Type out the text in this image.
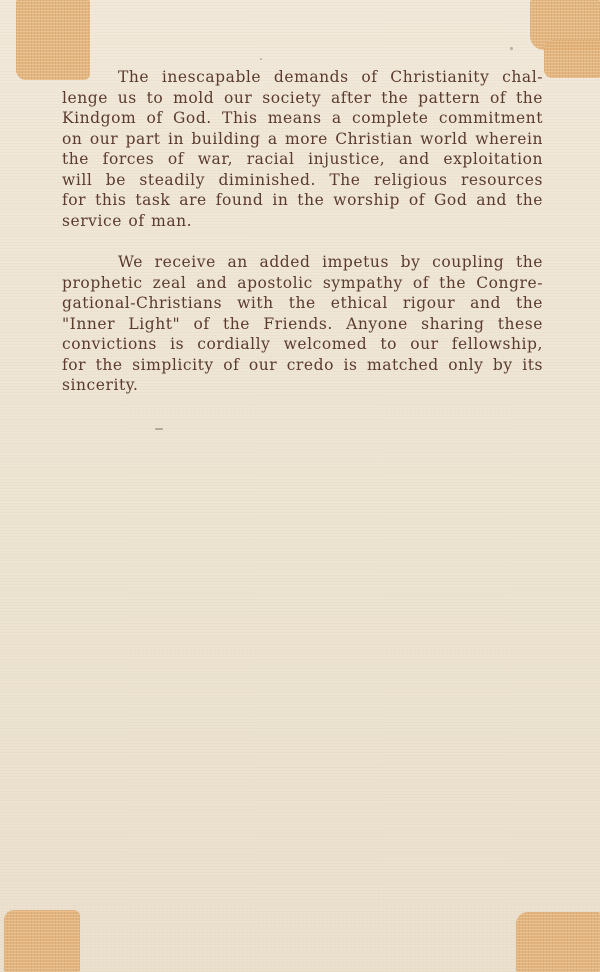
The inescapable demands of Christianity chal-
lenge us to mold our society after the pattern of the
Kindgom of God. This means a complete commitment
on our part in building a more Christian world wherein
the forces of war, racial injustice, and exploitation
will be steadily diminished. The religious resources
for this task are found in the worship of God and the
service of man.
We receive an added impetus by coupling the
prophetic zeal and apostolic sympathy of the Congre-
gational-Christians with the ethical rigour and the
"Inner Light" of the Friends. Anyone sharing these
convictions is cordially welcomed to our fellowship,
for the simplicity of our credo is matched only by its
sincerity.
